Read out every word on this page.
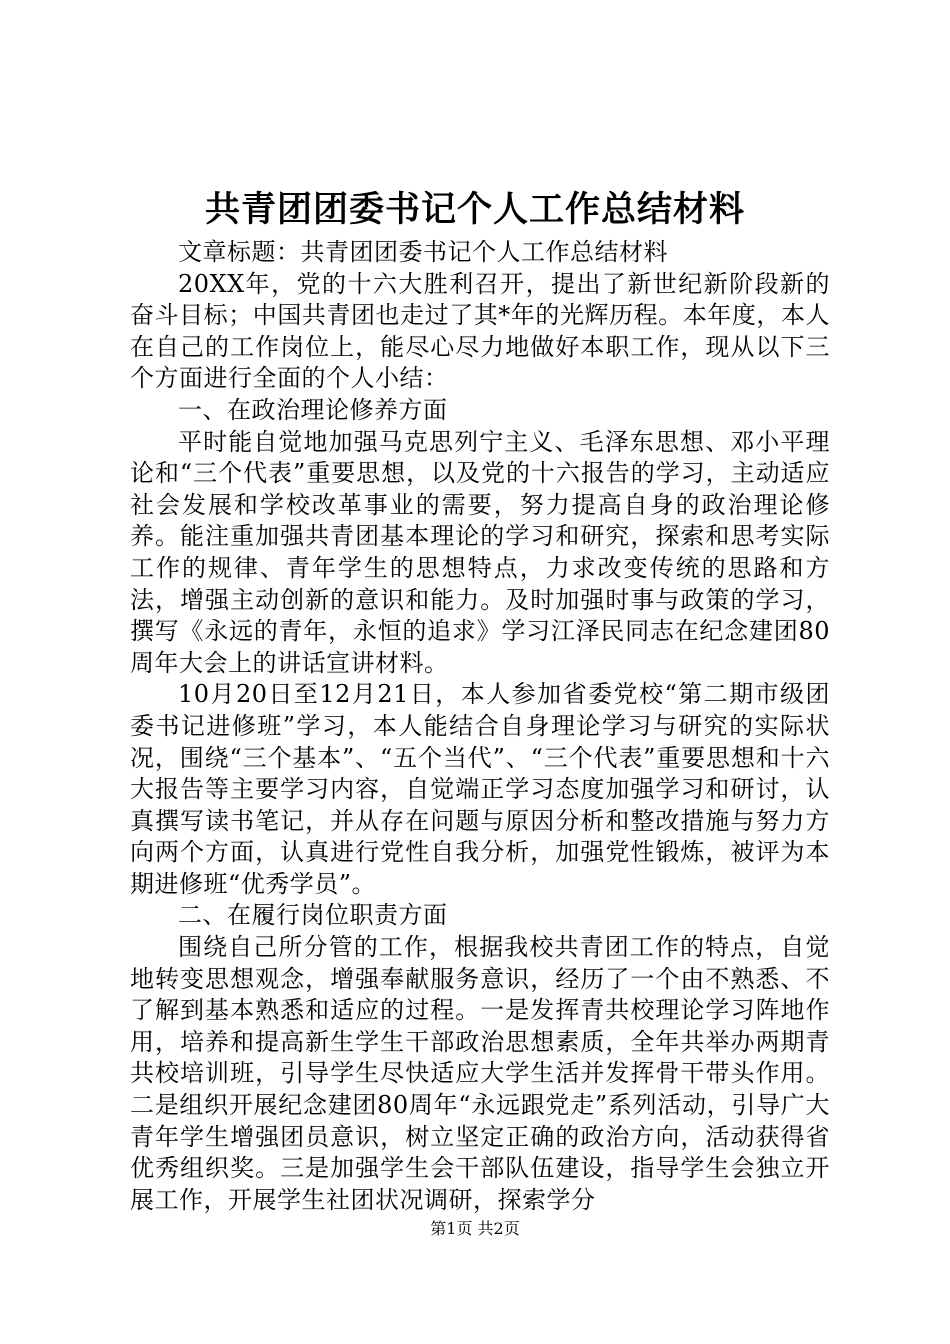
共青团团委书记个人工作总结材料

文章标题：共青团团委书记个人工作总结材料

20XX年，党的十六大胜利召开，提出了新世纪新阶段新的奋斗目标；中国共青团也走过了其*年的光辉历程。本年度，本人在自己的工作岗位上，能尽心尽力地做好本职工作，现从以下三个方面进行全面的个人小结：

一、在政治理论修养方面

平时能自觉地加强马克思列宁主义、毛泽东思想、邓小平理论和“三个代表”重要思想，以及党的十六报告的学习，主动适应社会发展和学校改革事业的需要，努力提高自身的政治理论修养。能注重加强共青团基本理论的学习和研究，探索和思考实际工作的规律、青年学生的思想特点，力求改变传统的思路和方法，增强主动创新的意识和能力。及时加强时事与政策的学习，撰写《永远的青年，永恒的追求》学习江泽民同志在纪念建团80周年大会上的讲话宣讲材料。

10月20日至12月21日，本人参加省委党校“第二期市级团委书记进修班”学习，本人能结合自身理论学习与研究的实际状况，围绕“三个基本”、“五个当代”、“三个代表”重要思想和十六大报告等主要学习内容，自觉端正学习态度加强学习和研讨，认真撰写读书笔记，并从存在问题与原因分析和整改措施与努力方向两个方面，认真进行党性自我分析，加强党性锻炼，被评为本期进修班“优秀学员”。

二、在履行岗位职责方面

围绕自己所分管的工作，根据我校共青团工作的特点，自觉地转变思想观念，增强奉献服务意识，经历了一个由不熟悉、不了解到基本熟悉和适应的过程。一是发挥青共校理论学习阵地作用，培养和提高新生学生干部政治思想素质，全年共举办两期青共校培训班，引导学生尽快适应大学生活并发挥骨干带头作用。二是组织开展纪念建团80周年“永远跟党走”系列活动，引导广大青年学生增强团员意识，树立坚定正确的政治方向，活动获得省优秀组织奖。三是加强学生会干部队伍建设，指导学生会独立开展工作，开展学生社团状况调研，探索学分

第1页 共2页
